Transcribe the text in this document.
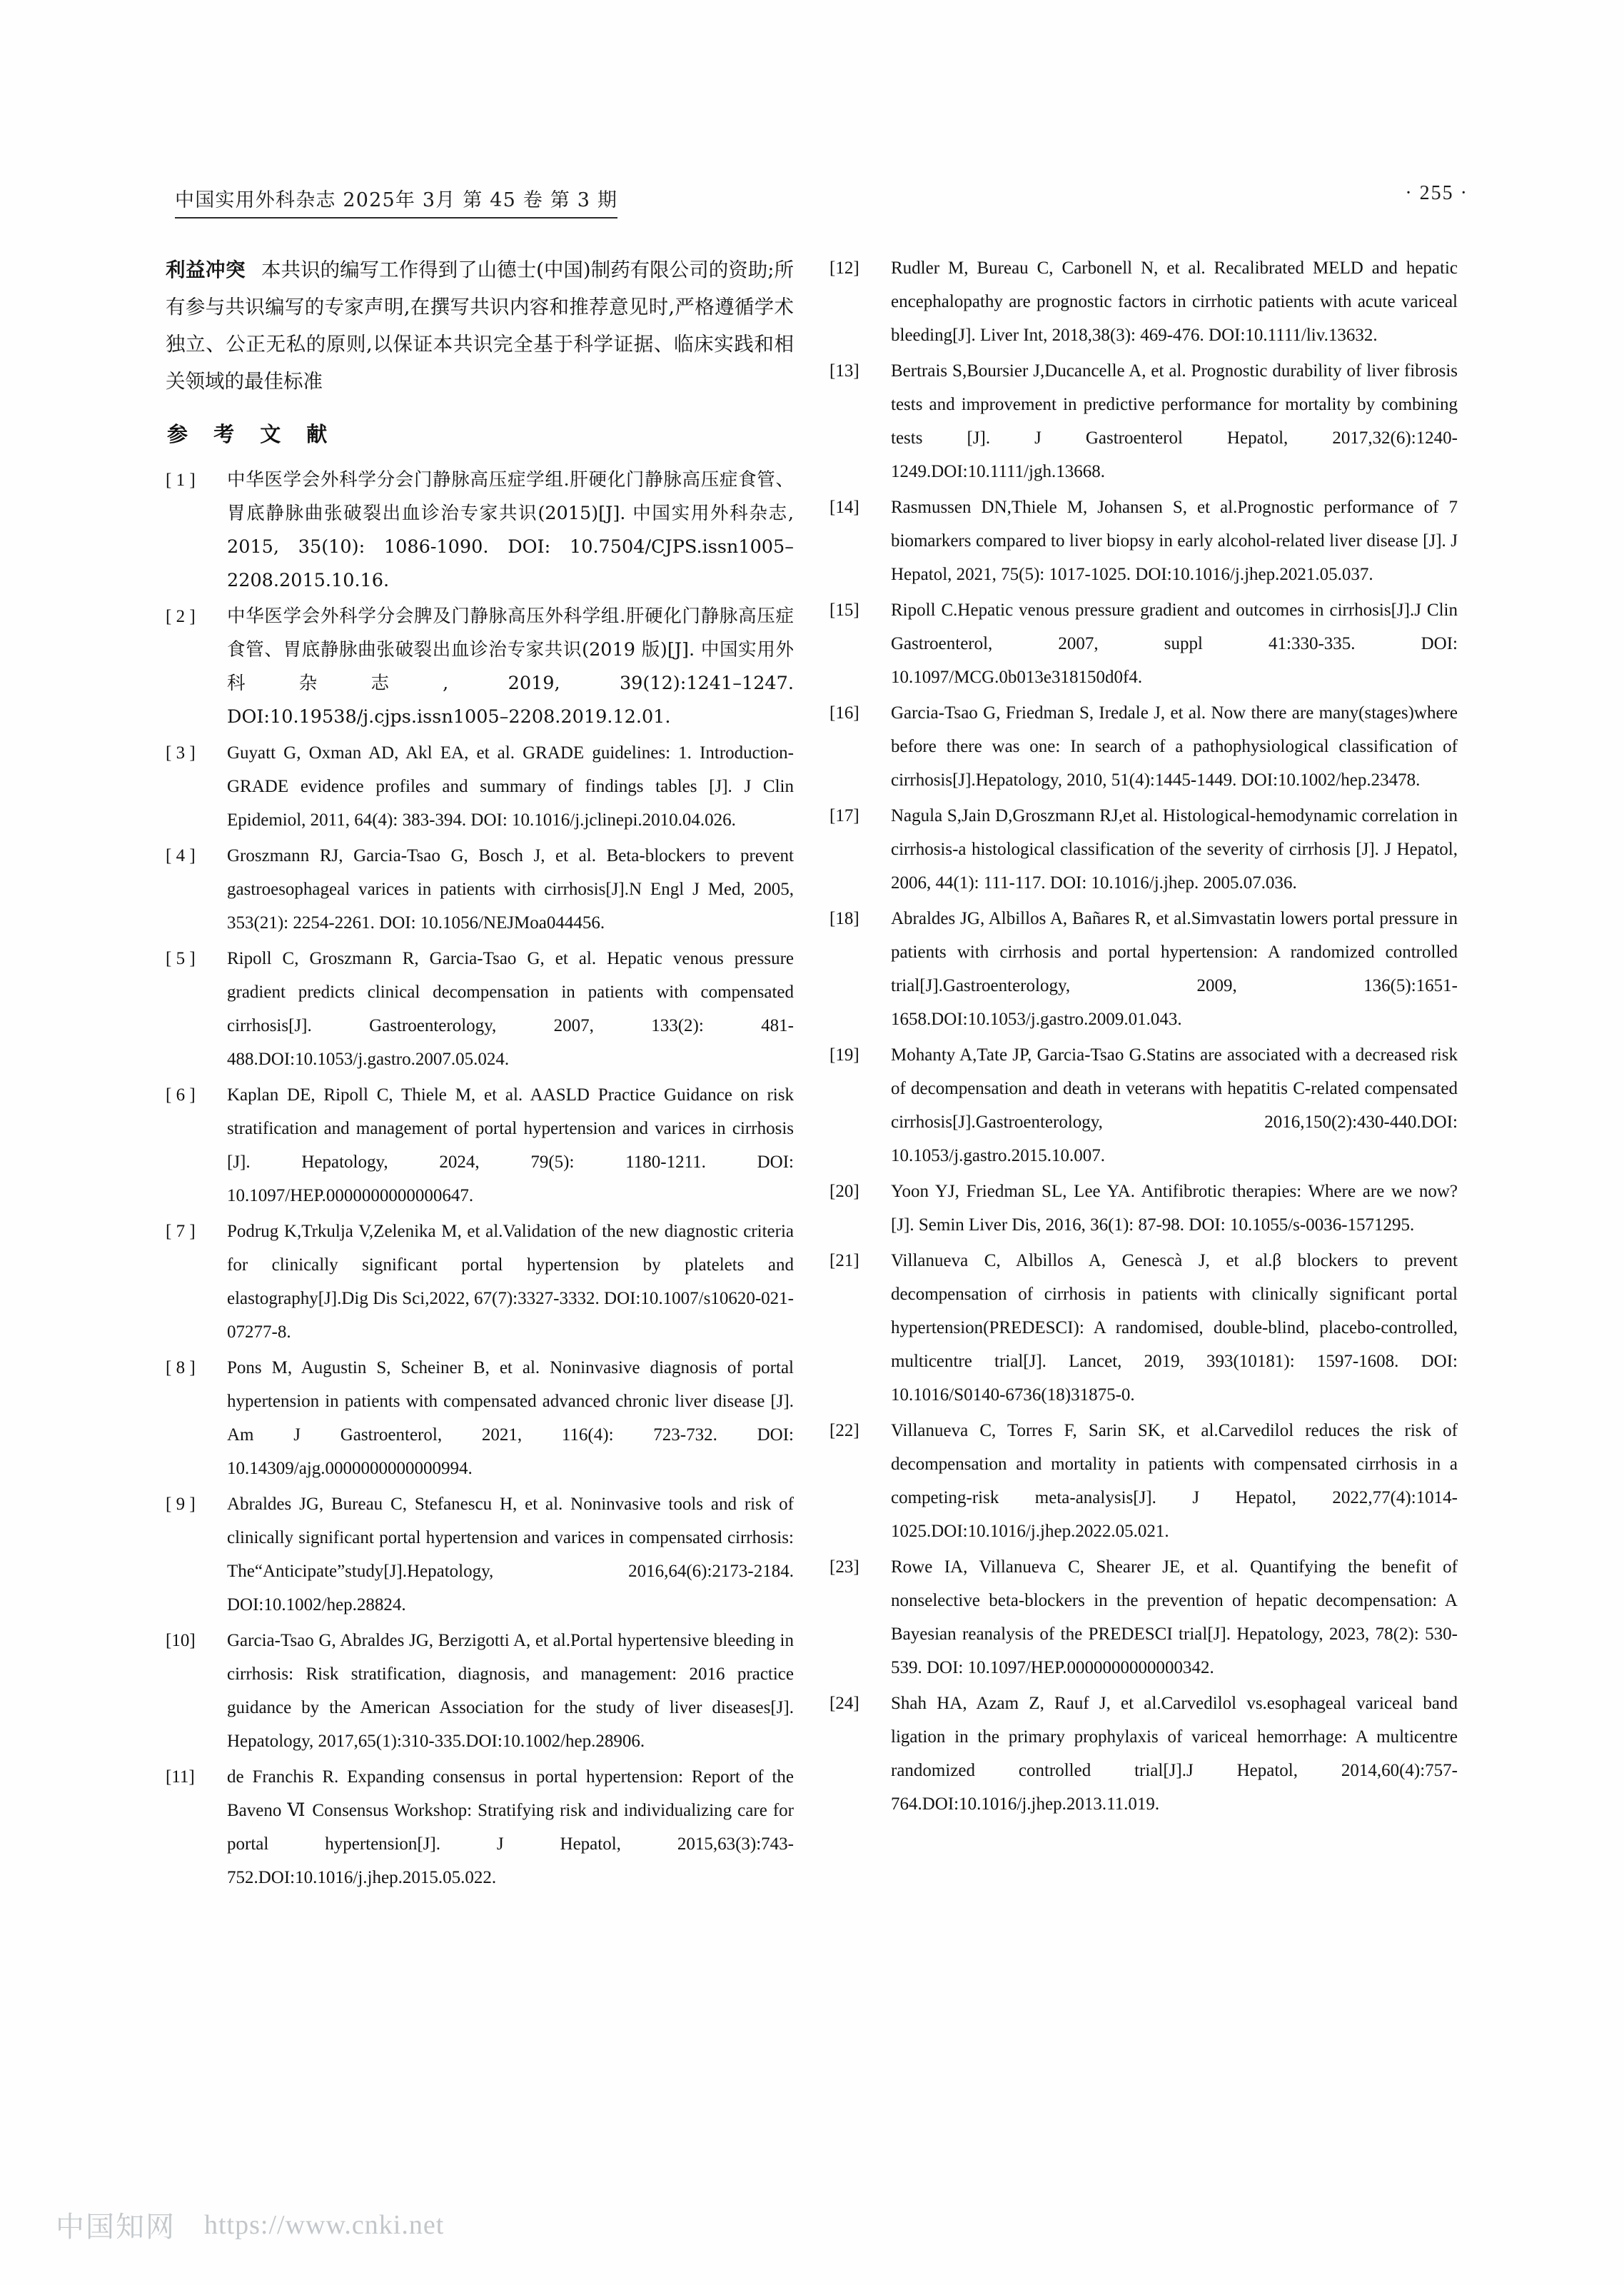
中国实用外科杂志 2025年 3月 第 45 卷 第 3 期	· 255 ·

利益冲突 本共识的编写工作得到了山德士(中国)制药有限公司的资助;所有参与共识编写的专家声明,在撰写共识内容和推荐意见时,严格遵循学术独立、公正无私的原则,以保证本共识完全基于科学证据、临床实践和相关领域的最佳标准

参 考 文 献
[ 1 ]	中华医学会外科学分会门静脉高压症学组.肝硬化门静脉高压症食管、胃底静脉曲张破裂出血诊治专家共识(2015)[J]. 中国实用外科杂志, 2015, 35(10): 1086-1090. DOI: 10.7504/CJPS.issn1005–2208.2015.10.16.
[ 2 ]	中华医学会外科学分会脾及门静脉高压外科学组.肝硬化门静脉高压症食管、胃底静脉曲张破裂出血诊治专家共识(2019 版)[J]. 中国实用外科杂志, 2019, 39(12):1241–1247. DOI:10.19538/j.cjps.issn1005–2208.2019.12.01.
[ 3 ]	Guyatt G, Oxman AD, Akl EA, et al. GRADE guidelines: 1. Introduction-GRADE evidence profiles and summary of findings tables [J]. J Clin Epidemiol, 2011, 64(4): 383-394. DOI: 10.1016/j.jclinepi.2010.04.026.
[ 4 ]	Groszmann RJ, Garcia-Tsao G, Bosch J, et al. Beta-blockers to prevent gastroesophageal varices in patients with cirrhosis[J].N Engl J Med, 2005, 353(21): 2254-2261. DOI: 10.1056/NEJMoa044456.
[ 5 ]	Ripoll C, Groszmann R, Garcia-Tsao G, et al. Hepatic venous pressure gradient predicts clinical decompensation in patients with compensated cirrhosis[J]. Gastroenterology, 2007, 133(2): 481-488.DOI:10.1053/j.gastro.2007.05.024.
[ 6 ]	Kaplan DE, Ripoll C, Thiele M, et al. AASLD Practice Guidance on risk stratification and management of portal hypertension and varices in cirrhosis [J]. Hepatology, 2024, 79(5): 1180-1211. DOI: 10.1097/HEP.0000000000000647.
[ 7 ]	Podrug K,Trkulja V,Zelenika M, et al.Validation of the new diagnostic criteria for clinically significant portal hypertension by platelets and elastography[J].Dig Dis Sci,2022, 67(7):3327-3332. DOI:10.1007/s10620-021- 07277-8.
[ 8 ]	Pons M, Augustin S, Scheiner B, et al. Noninvasive diagnosis of portal hypertension in patients with compensated advanced chronic liver disease [J]. Am J Gastroenterol, 2021, 116(4): 723-732. DOI: 10.14309/ajg.0000000000000994.
[ 9 ]	Abraldes JG, Bureau C, Stefanescu H, et al. Noninvasive tools and risk of clinically significant portal hypertension and varices in compensated cirrhosis: The“Anticipate”study[J].Hepatology, 2016,64(6):2173-2184. DOI:10.1002/hep.28824.
[10]	Garcia-Tsao G, Abraldes JG, Berzigotti A, et al.Portal hypertensive bleeding in cirrhosis: Risk stratification, diagnosis, and management: 2016 practice guidance by the American Association for the study of liver diseases[J]. Hepatology, 2017,65(1):310-335.DOI:10.1002/hep.28906.
[11]	de Franchis R. Expanding consensus in portal hypertension: Report of the Baveno Ⅵ Consensus Workshop: Stratifying risk and individualizing care for portal hypertension[J]. J Hepatol, 2015,63(3):743-752.DOI:10.1016/j.jhep.2015.05.022.
[12]	Rudler M, Bureau C, Carbonell N, et al. Recalibrated MELD and hepatic encephalopathy are prognostic factors in cirrhotic patients with acute variceal bleeding[J]. Liver Int, 2018,38(3): 469-476. DOI:10.1111/liv.13632.
[13]	Bertrais S,Boursier J,Ducancelle A, et al. Prognostic durability of liver fibrosis tests and improvement in predictive performance for mortality by combining tests [J]. J Gastroenterol Hepatol, 2017,32(6):1240-1249.DOI:10.1111/jgh.13668.
[14]	Rasmussen DN,Thiele M, Johansen S, et al.Prognostic performance of 7 biomarkers compared to liver biopsy in early alcohol-related liver disease [J]. J Hepatol, 2021, 75(5): 1017-1025. DOI:10.1016/j.jhep.2021.05.037.
[15]	Ripoll C.Hepatic venous pressure gradient and outcomes in cirrhosis[J].J Clin Gastroenterol, 2007, suppl 41:330-335. DOI: 10.1097/MCG.0b013e318150d0f4.
[16]	Garcia-Tsao G, Friedman S, Iredale J, et al. Now there are many(stages)where before there was one: In search of a pathophysiological classification of cirrhosis[J].Hepatology, 2010, 51(4):1445-1449. DOI:10.1002/hep.23478.
[17]	Nagula S,Jain D,Groszmann RJ,et al. Histological-hemodynamic correlation in cirrhosis-a histological classification of the severity of cirrhosis [J]. J Hepatol, 2006, 44(1): 111-117. DOI: 10.1016/j.jhep. 2005.07.036.
[18]	Abraldes JG, Albillos A, Bañares R, et al.Simvastatin lowers portal pressure in patients with cirrhosis and portal hypertension: A randomized controlled trial[J].Gastroenterology, 2009, 136(5):1651-1658.DOI:10.1053/j.gastro.2009.01.043.
[19]	Mohanty A,Tate JP, Garcia-Tsao G.Statins are associated with a decreased risk of decompensation and death in veterans with hepatitis C-related compensated cirrhosis[J].Gastroenterology, 2016,150(2):430-440.DOI: 10.1053/j.gastro.2015.10.007.
[20]	Yoon YJ, Friedman SL, Lee YA. Antifibrotic therapies: Where are we now? [J]. Semin Liver Dis, 2016, 36(1): 87-98. DOI: 10.1055/s-0036-1571295.
[21]	Villanueva C, Albillos A, Genescà J, et al.β blockers to prevent decompensation of cirrhosis in patients with clinically significant portal hypertension(PREDESCI): A randomised, double-blind, placebo-controlled, multicentre trial[J]. Lancet, 2019, 393(10181): 1597-1608. DOI: 10.1016/S0140-6736(18)31875-0.
[22]	Villanueva C, Torres F, Sarin SK, et al.Carvedilol reduces the risk of decompensation and mortality in patients with compensated cirrhosis in a competing-risk meta-analysis[J]. J Hepatol, 2022,77(4):1014-1025.DOI:10.1016/j.jhep.2022.05.021.
[23]	Rowe IA, Villanueva C, Shearer JE, et al. Quantifying the benefit of nonselective beta-blockers in the prevention of hepatic decompensation: A Bayesian reanalysis of the PREDESCI trial[J]. Hepatology, 2023, 78(2): 530-539. DOI: 10.1097/HEP.0000000000000342.
[24]	Shah HA, Azam Z, Rauf J, et al.Carvedilol vs.esophageal variceal band ligation in the primary prophylaxis of variceal hemorrhage: A multicentre randomized controlled trial[J].J Hepatol, 2014,60(4):757-764.DOI:10.1016/j.jhep.2013.11.019.
中国知网 https://www.cnki.net
